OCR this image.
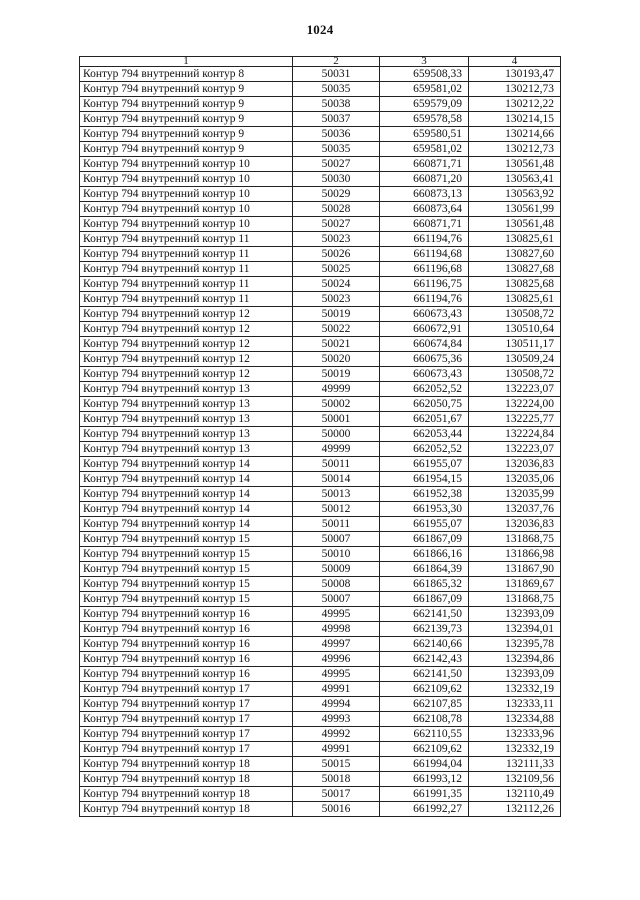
1024
1	2	3	4
Контур 794 внутренний контур 8	50031	659508,33	130193,47
Контур 794 внутренний контур 9	50035	659581,02	130212,73
Контур 794 внутренний контур 9	50038	659579,09	130212,22
Контур 794 внутренний контур 9	50037	659578,58	130214,15
Контур 794 внутренний контур 9	50036	659580,51	130214,66
Контур 794 внутренний контур 9	50035	659581,02	130212,73
Контур 794 внутренний контур 10	50027	660871,71	130561,48
Контур 794 внутренний контур 10	50030	660871,20	130563,41
Контур 794 внутренний контур 10	50029	660873,13	130563,92
Контур 794 внутренний контур 10	50028	660873,64	130561,99
Контур 794 внутренний контур 10	50027	660871,71	130561,48
Контур 794 внутренний контур 11	50023	661194,76	130825,61
Контур 794 внутренний контур 11	50026	661194,68	130827,60
Контур 794 внутренний контур 11	50025	661196,68	130827,68
Контур 794 внутренний контур 11	50024	661196,75	130825,68
Контур 794 внутренний контур 11	50023	661194,76	130825,61
Контур 794 внутренний контур 12	50019	660673,43	130508,72
Контур 794 внутренний контур 12	50022	660672,91	130510,64
Контур 794 внутренний контур 12	50021	660674,84	130511,17
Контур 794 внутренний контур 12	50020	660675,36	130509,24
Контур 794 внутренний контур 12	50019	660673,43	130508,72
Контур 794 внутренний контур 13	49999	662052,52	132223,07
Контур 794 внутренний контур 13	50002	662050,75	132224,00
Контур 794 внутренний контур 13	50001	662051,67	132225,77
Контур 794 внутренний контур 13	50000	662053,44	132224,84
Контур 794 внутренний контур 13	49999	662052,52	132223,07
Контур 794 внутренний контур 14	50011	661955,07	132036,83
Контур 794 внутренний контур 14	50014	661954,15	132035,06
Контур 794 внутренний контур 14	50013	661952,38	132035,99
Контур 794 внутренний контур 14	50012	661953,30	132037,76
Контур 794 внутренний контур 14	50011	661955,07	132036,83
Контур 794 внутренний контур 15	50007	661867,09	131868,75
Контур 794 внутренний контур 15	50010	661866,16	131866,98
Контур 794 внутренний контур 15	50009	661864,39	131867,90
Контур 794 внутренний контур 15	50008	661865,32	131869,67
Контур 794 внутренний контур 15	50007	661867,09	131868,75
Контур 794 внутренний контур 16	49995	662141,50	132393,09
Контур 794 внутренний контур 16	49998	662139,73	132394,01
Контур 794 внутренний контур 16	49997	662140,66	132395,78
Контур 794 внутренний контур 16	49996	662142,43	132394,86
Контур 794 внутренний контур 16	49995	662141,50	132393,09
Контур 794 внутренний контур 17	49991	662109,62	132332,19
Контур 794 внутренний контур 17	49994	662107,85	132333,11
Контур 794 внутренний контур 17	49993	662108,78	132334,88
Контур 794 внутренний контур 17	49992	662110,55	132333,96
Контур 794 внутренний контур 17	49991	662109,62	132332,19
Контур 794 внутренний контур 18	50015	661994,04	132111,33
Контур 794 внутренний контур 18	50018	661993,12	132109,56
Контур 794 внутренний контур 18	50017	661991,35	132110,49
Контур 794 внутренний контур 18	50016	661992,27	132112,26
